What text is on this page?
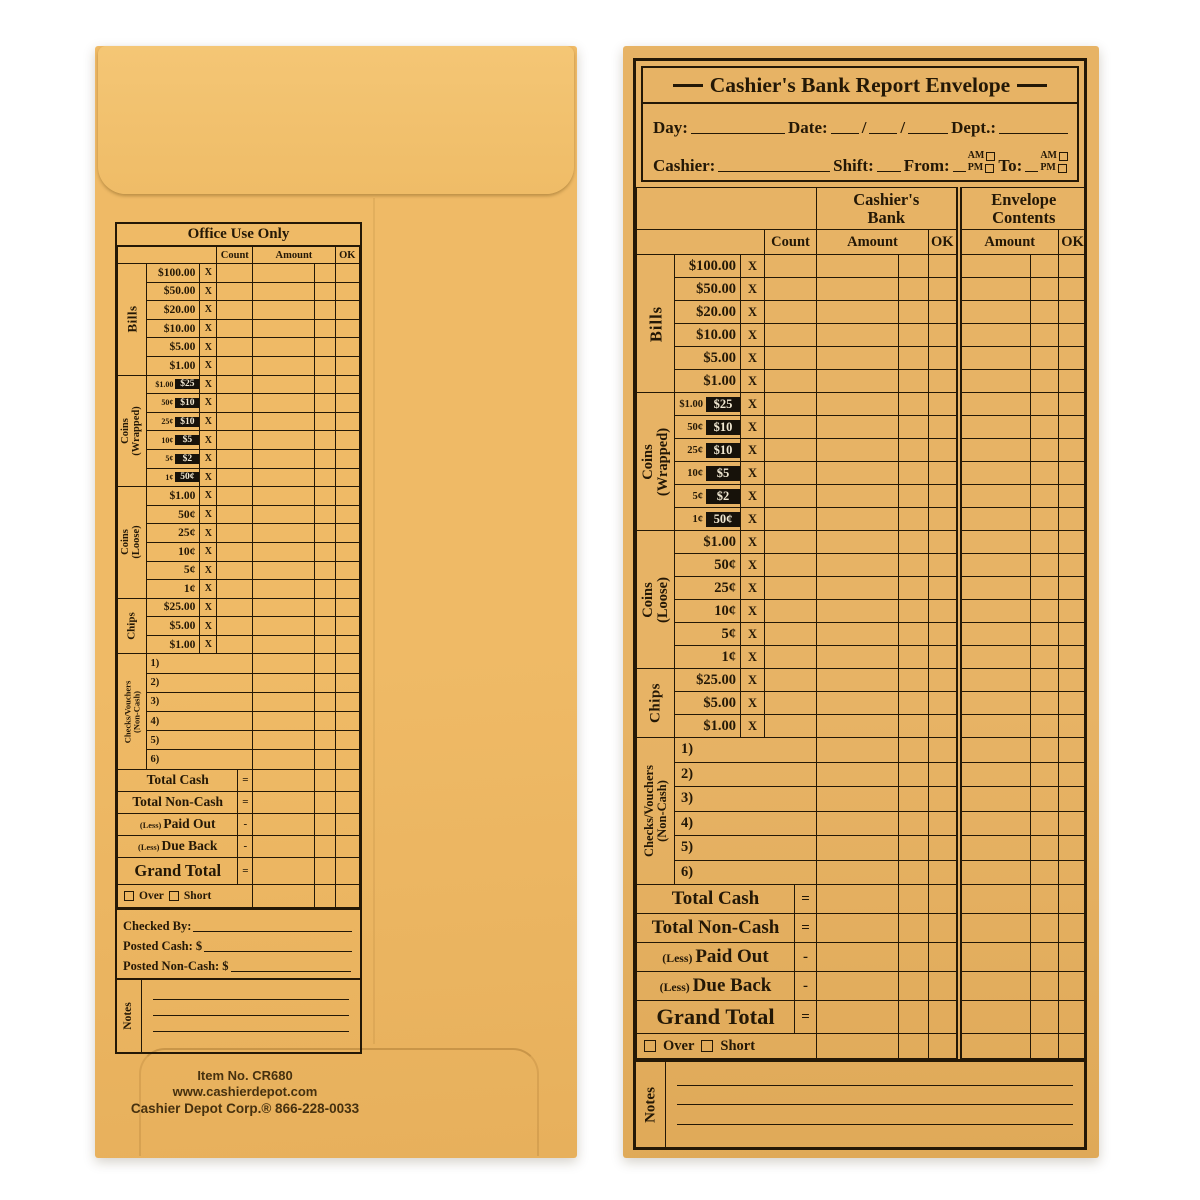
Office Use Only
			Count		Amount		OK

Bills	$100.00	X					
	$50.00	X					
	$20.00	X					
	$10.00	X					
	$5.00	X					
	$1.00	X					

Coins (Wrapped)

$1.00 $25	X				

50¢ $10	X					

25¢ $10	X					

10¢ $5	X					

5¢ $2	X					

1¢ 50¢	X					

Coins (Loose)	$1.00	X					
	50¢	X					
	25¢	X					
	10¢	X					
	5¢	X					
	1¢	X					

Chips	$25.00	X					
	$5.00	X					
	$1.00	X					

Checks/Vouchers
(Non-Cash)	1)						
	2)						
	3)						
	4)						
	5)						
	6)						
Total Cash				=			
Total Non-Cash				=			
(Less) Paid Out				-			
(Less) Due Back				-			
Grand Total				=			

Over Short							

Checked By:
Posted Cash: $
Posted Non-Cash: $
Notes
Item No. CR680
www.cashierdepot.com
Cashier Depot Corp.® 866-228-0033
Cashier's Bank Report Envelope
Day:	Date: / /	Dept.:
Cashier:	Shift: From:
AM
PM To:
AM
PM

Cashier's
Bank

Envelope
Contents

			Count		Amount		OK	Amount		OK

Bills	$100.00	X								
	$50.00	X								
	$20.00	X								
	$10.00	X								
	$5.00	X								
	$1.00	X								

Coins
(Wrapped)

$1.00 $25	X							

50¢ $10	X								

25¢ $10	X								

10¢ $5	X								

5¢ $2	X								

1¢ 50¢	X								

Coins
(Loose)	$1.00	X								
	50¢	X								
	25¢	X								
	10¢	X								
	5¢	X								
	1¢	X								

Chips	$25.00	X								
	$5.00	X								
	$1.00	X								

Checks/Vouchers
(Non-Cash)	1)									
	2)									
	3)									
	4)									
	5)									
	6)									
Total Cash				=						
Total Non-Cash				=						
(Less) Paid Out				-						
(Less) Due Back				-						
Grand Total				=						

Over Short										

Notes
